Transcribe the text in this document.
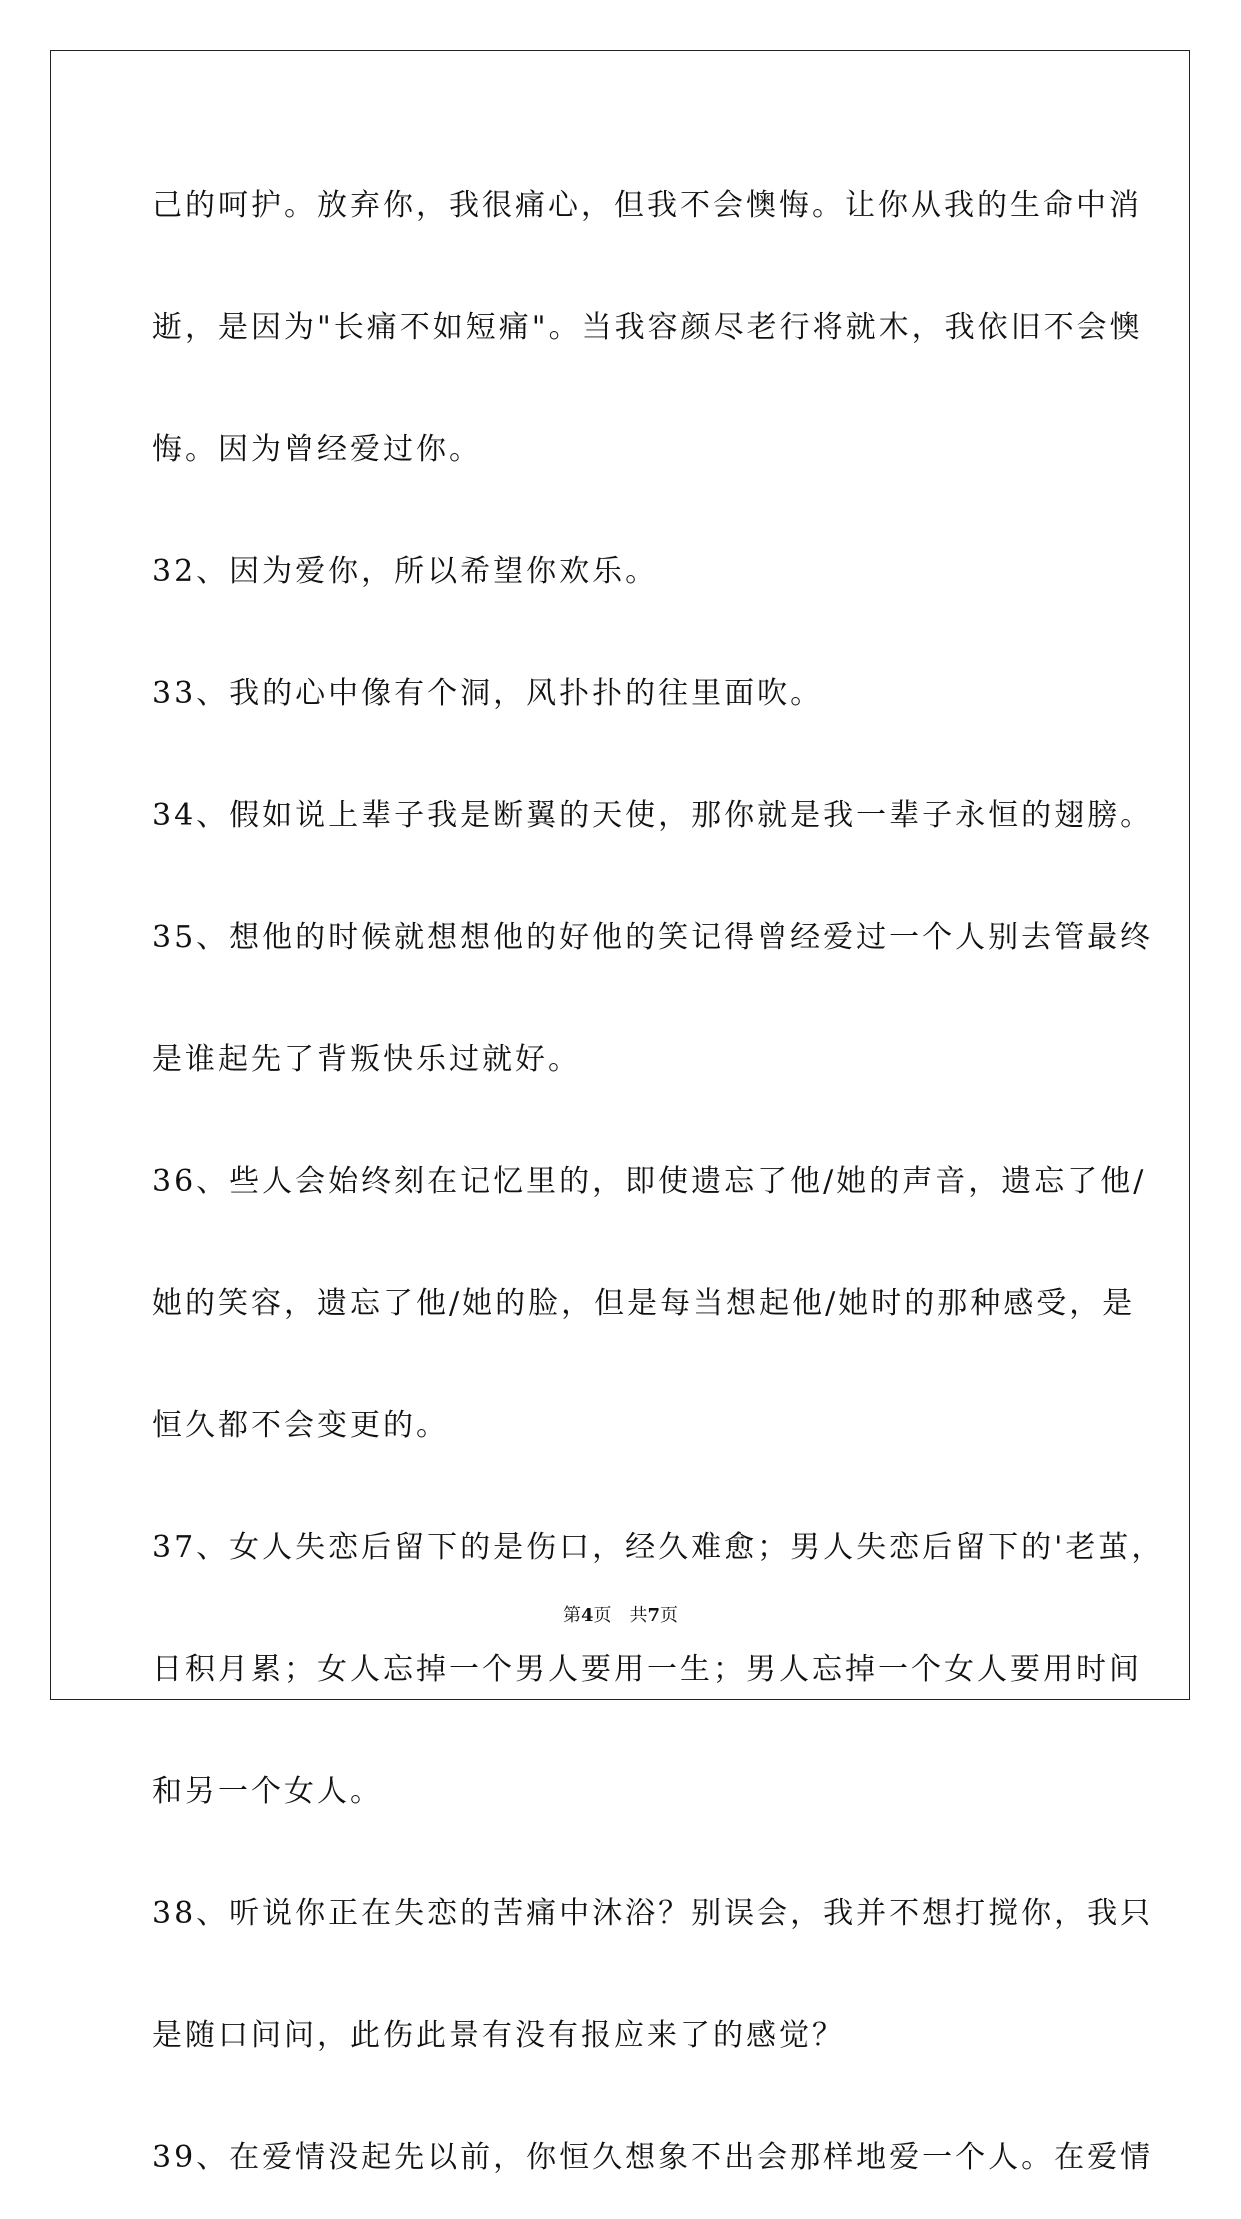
己的呵护。放弃你，我很痛心，但我不会懊悔。让你从我的生命中消
逝，是因为"长痛不如短痛"。当我容颜尽老行将就木，我依旧不会懊
悔。因为曾经爱过你。
32、因为爱你，所以希望你欢乐。
33、我的心中像有个洞，风扑扑的往里面吹。
34、假如说上辈子我是断翼的天使，那你就是我一辈子永恒的翅膀。
35、想他的时候就想想他的好他的笑记得曾经爱过一个人别去管最终
是谁起先了背叛快乐过就好。
36、些人会始终刻在记忆里的，即使遗忘了他/她的声音，遗忘了他/
她的笑容，遗忘了他/她的脸，但是每当想起他/她时的那种感受，是
恒久都不会变更的。
37、女人失恋后留下的是伤口，经久难愈；男人失恋后留下的'老茧，
日积月累；女人忘掉一个男人要用一生；男人忘掉一个女人要用时间
和另一个女人。
38、听说你正在失恋的苦痛中沐浴？别误会，我并不想打搅你，我只
是随口问问，此伤此景有没有报应来了的感觉？
39、在爱情没起先以前，你恒久想象不出会那样地爱一个人。在爱情
第4页　共7页
